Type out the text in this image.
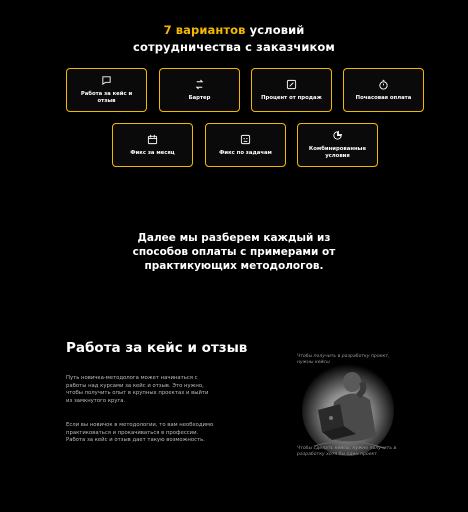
7 вариантов условий
сотрудничества с заказчиком
Работа за кейс и отзыв
Бартер	Процент от продаж	Почасовая оплата
Фикс за месяц	Фикс по задачам
Комбинированные условия
Далее мы разберем каждый из
способов оплаты с примерами от
практикующих методологов.
Работа за кейс и отзыв

Путь новичка-методолога может начинаться с работы над курсами за кейс и отзыв. Это нужно, чтобы получить опыт в крупных проектах и выйти из замкнутого круга.

Если вы новичок в методологии, то вам необходимо практиковаться и прокачиваться в профессии. Работа за кейс и отзыв дает такую возможность.

Чтобы получить в разработку проект, нужны кейсы
Чтобы сделать кейсы, нужно получить в разработку хотя бы один проект
